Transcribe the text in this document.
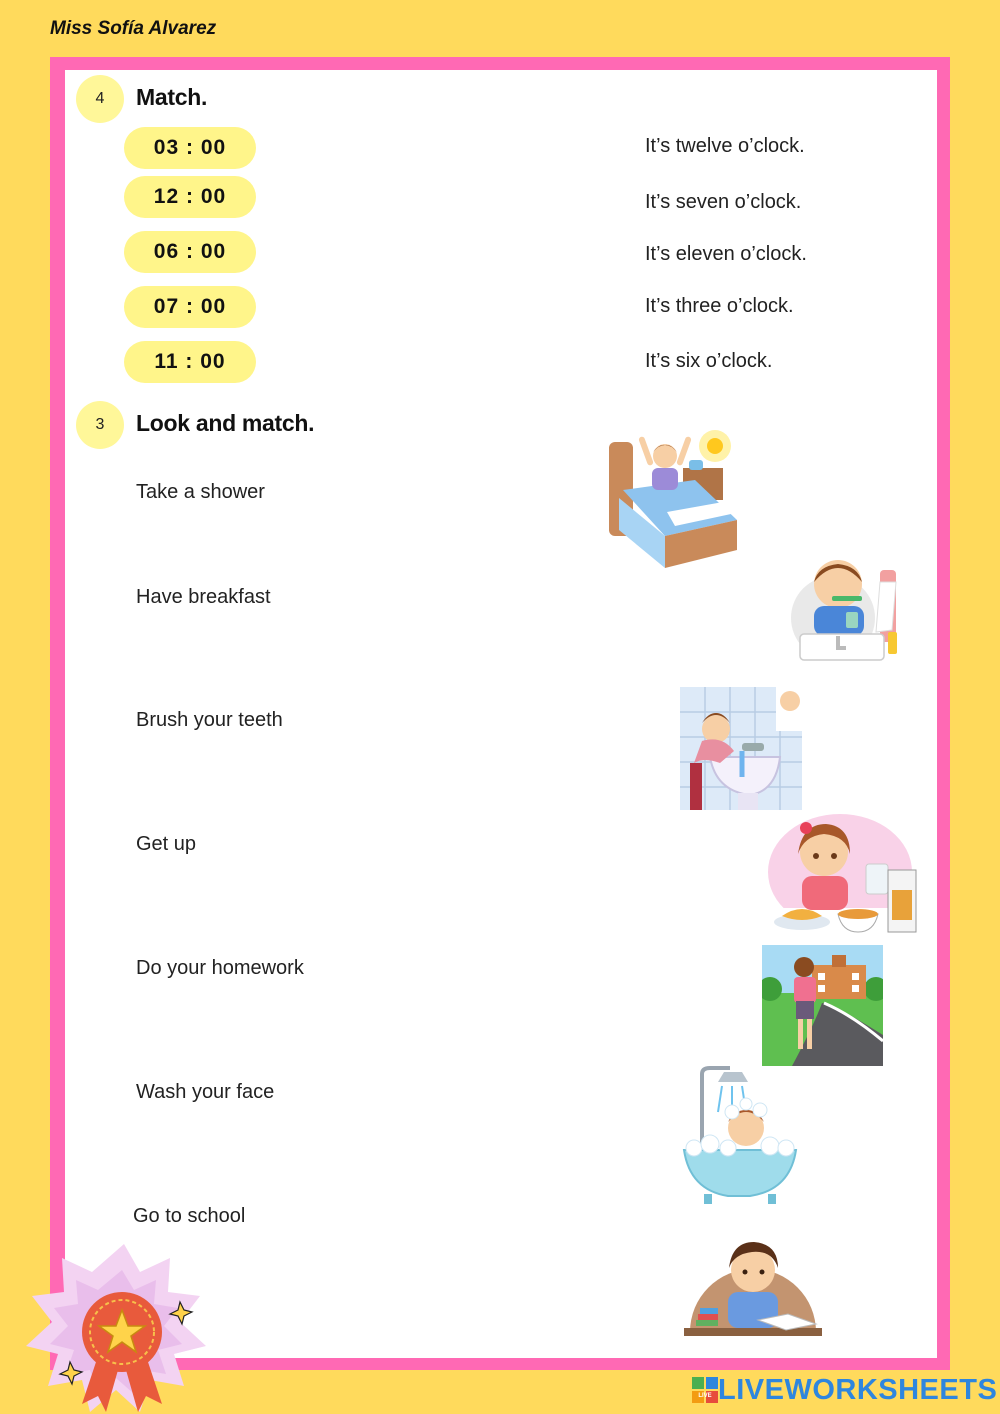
Miss Sofía Alvarez
4	Match.
03 : 00
12 : 00
06 : 00
07 : 00
11 : 00
It’s twelve o’clock.
It’s seven o’clock.
It’s eleven o’clock.
It’s three o’clock.
It’s six o’clock.
3	Look and match.
Take a shower
Have breakfast
Brush your teeth
Get up
Do your homework
Wash your face
Go to school
LIVE LIVEWORKSHEETS
